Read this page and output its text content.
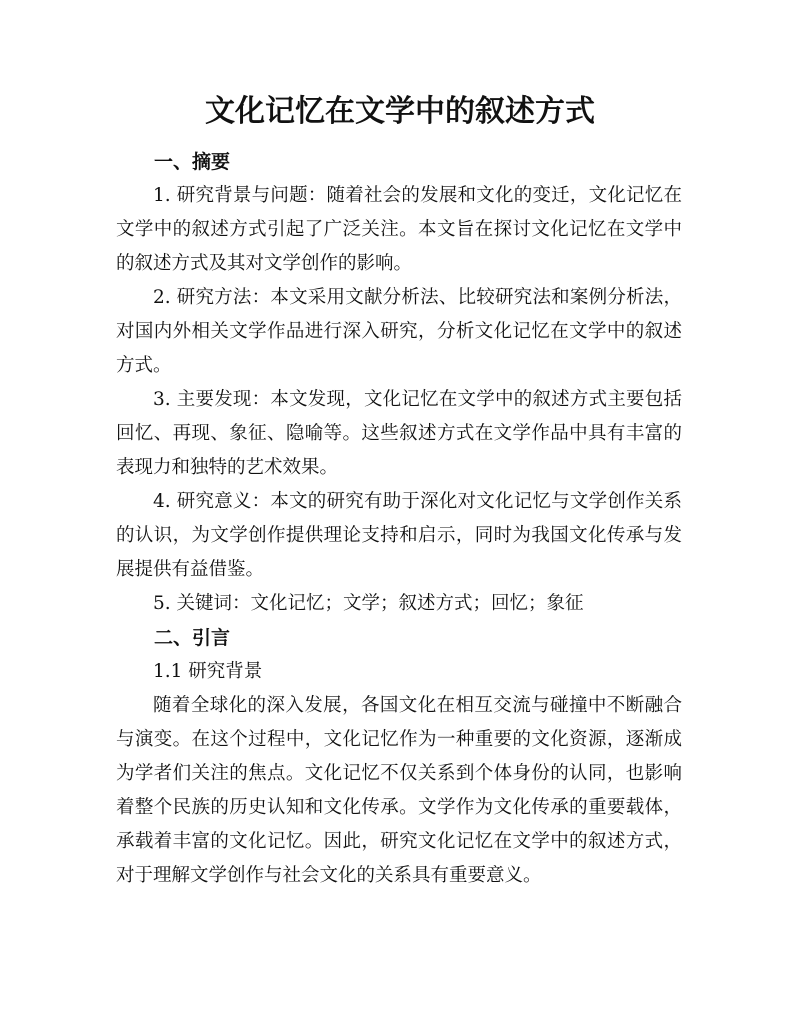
文化记忆在文学中的叙述方式

一、摘要

1. 研究背景与问题：随着社会的发展和文化的变迁，文化记忆在文学中的叙述方式引起了广泛关注。本文旨在探讨文化记忆在文学中的叙述方式及其对文学创作的影响。

2. 研究方法：本文采用文献分析法、比较研究法和案例分析法，对国内外相关文学作品进行深入研究，分析文化记忆在文学中的叙述方式。

3. 主要发现：本文发现，文化记忆在文学中的叙述方式主要包括回忆、再现、象征、隐喻等。这些叙述方式在文学作品中具有丰富的表现力和独特的艺术效果。

4. 研究意义：本文的研究有助于深化对文化记忆与文学创作关系的认识，为文学创作提供理论支持和启示，同时为我国文化传承与发展提供有益借鉴。

5. 关键词：文化记忆；文学；叙述方式；回忆；象征

二、引言

1.1 研究背景

随着全球化的深入发展，各国文化在相互交流与碰撞中不断融合与演变。在这个过程中，文化记忆作为一种重要的文化资源，逐渐成为学者们关注的焦点。文化记忆不仅关系到个体身份的认同，也影响着整个民族的历史认知和文化传承。文学作为文化传承的重要载体，承载着丰富的文化记忆。因此，研究文化记忆在文学中的叙述方式，对于理解文学创作与社会文化的关系具有重要意义。
